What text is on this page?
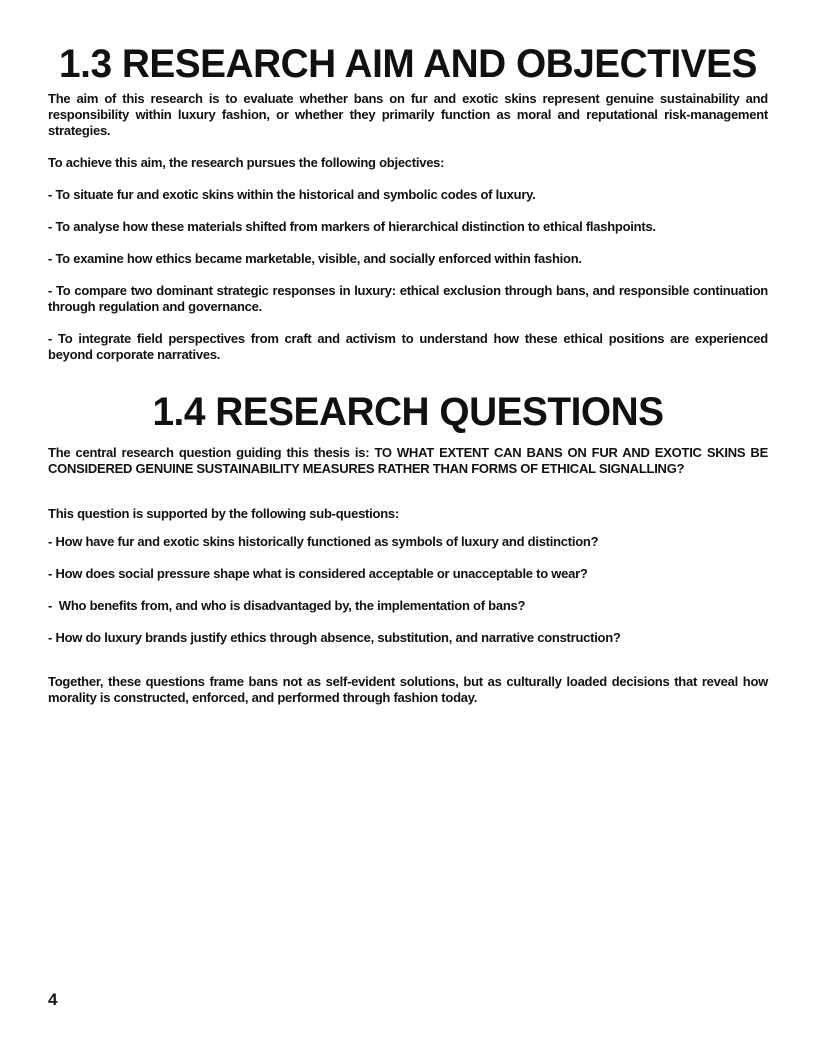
1.3 RESEARCH AIM AND OBJECTIVES

The aim of this research is to evaluate whether bans on fur and exotic skins represent genuine sustainability and responsibility within luxury fashion, or whether they primarily function as moral and reputational risk-management strategies.

To achieve this aim, the research pursues the following objectives:

- To situate fur and exotic skins within the historical and symbolic codes of luxury.

- To analyse how these materials shifted from markers of hierarchical distinction to ethical flashpoints.

- To examine how ethics became marketable, visible, and socially enforced within fashion.

- To compare two dominant strategic responses in luxury: ethical exclusion through bans, and responsible continuation through regulation and governance.

- To integrate field perspectives from craft and activism to understand how these ethical positions are experienced beyond corporate narratives.

1.4 RESEARCH QUESTIONS

The central research question guiding this thesis is: TO WHAT EXTENT CAN BANS ON FUR AND EXOTIC SKINS BE CONSIDERED GENUINE SUSTAINABILITY MEASURES RATHER THAN FORMS OF ETHICAL SIGNALLING?

This question is supported by the following sub-questions:

- How have fur and exotic skins historically functioned as symbols of luxury and distinction?

- How does social pressure shape what is considered acceptable or unacceptable to wear?

-  Who benefits from, and who is disadvantaged by, the implementation of bans?

- How do luxury brands justify ethics through absence, substitution, and narrative construction?

Together, these questions frame bans not as self-evident solutions, but as culturally loaded decisions that reveal how morality is constructed, enforced, and performed through fashion today.

4
